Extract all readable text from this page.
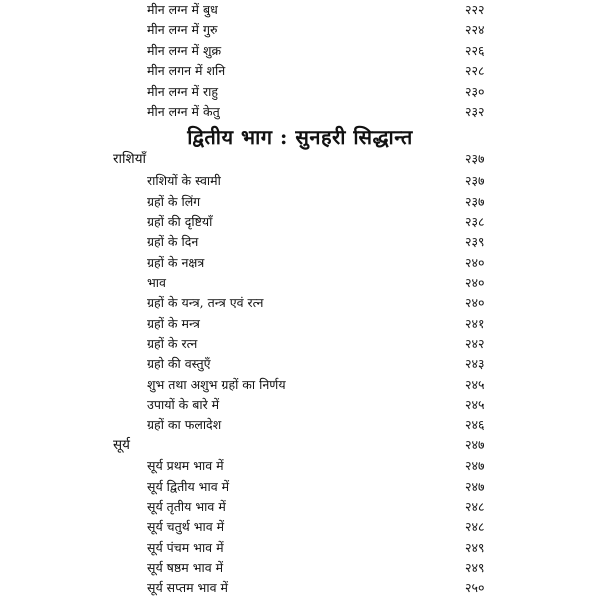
मीन लग्न में बुध	२२२
मीन लग्न में गुरु	२२४
मीन लग्न में शुक्र	२२६
मीन लगन में शनि	२२८
मीन लग्न में राहु	२३०
मीन लग्न में केतु	२३२
द्वितीय भाग : सुनहरी सिद्धान्त
राशियाँ	२३७
राशियों के स्वामी	२३७
ग्रहों के लिंग	२३७
ग्रहों की दृष्टियाँ	२३८
ग्रहों के दिन	२३९
ग्रहों के नक्षत्र	२४०
भाव	२४०
ग्रहों के यन्त्र, तन्त्र एवं रत्न	२४०
ग्रहों के मन्त्र	२४१
ग्रहों के रत्न	२४२
ग्रहो की वस्तुएँ	२४३
शुभ तथा अशुभ ग्रहों का निर्णय	२४५
उपायों के बारे में	२४५
ग्रहों का फलादेश	२४६
सूर्य	२४७
सूर्य प्रथम भाव में	२४७
सूर्य द्वितीय भाव में	२४७
सूर्य तृतीय भाव में	२४८
सूर्य चतुर्थ भाव में	२४८
सूर्य पंचम भाव में	२४९
सूर्य षष्ठम भाव में	२४९
सूर्य सप्तम भाव में	२५०
